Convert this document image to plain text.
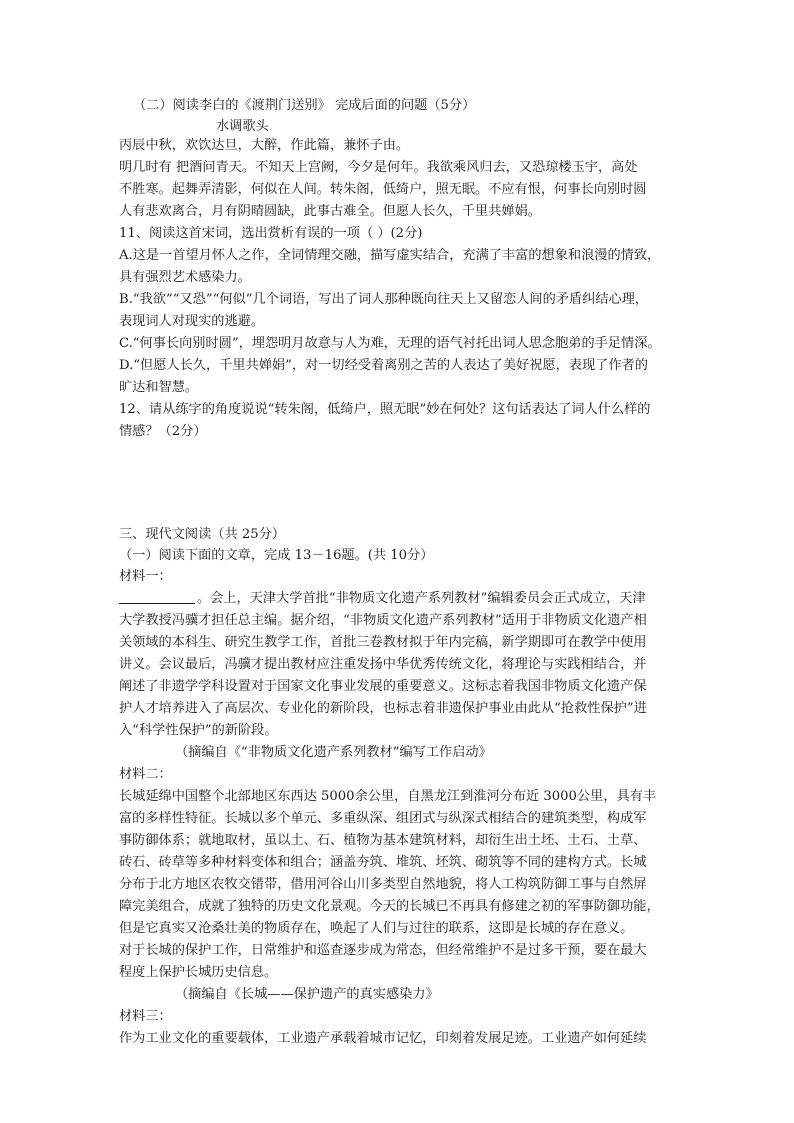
（二）阅读李白的《渡荆门送别》 完成后面的问题（5分）
水调歌头
丙辰中秋，欢饮达旦，大醉，作此篇，兼怀子由。
明几时有 把酒问青天。不知天上宫阙，今夕是何年。我欲乘风归去，又恐琼楼玉宇，高处
不胜寒。起舞弄清影，何似在人间。转朱阁，低绮户，照无眠。不应有恨，何事长向别时圆
人有悲欢离合，月有阴晴圆缺，此事古难全。但愿人长久，千里共婵娟。
11、阅读这首宋词，选出赏析有误的一项（ ）(2分)
A.这是一首望月怀人之作，全词情理交融，描写虚实结合，充满了丰富的想象和浪漫的情致，
具有强烈艺术感染力。
B.“我欲”“又恐”“何似”几个词语，写出了词人那种既向往天上又留恋人间的矛盾纠结心理，
表现词人对现实的逃避。
C.“何事长向别时圆”，埋怨明月故意与人为难，无理的语气衬托出词人思念胞弟的手足情深。
D.“但愿人长久，千里共婵娟”，对一切经受着离别之苦的人表达了美好祝愿，表现了作者的
旷达和智慧。
12、请从练字的角度说说“转朱阁，低绮户，照无眠”妙在何处？这句话表达了词人什么样的
情感？（2分）
三、现代文阅读（共 25分）
（一）阅读下面的文章，完成 13－16题。(共 10分）
材料一：
。会上，天津大学首批“非物质文化遗产系列教材”编辑委员会正式成立，天津
大学教授冯骥才担任总主编。据介绍，“非物质文化遗产系列教材”适用于非物质文化遗产相
关领域的本科生、研究生教学工作，首批三卷教材拟于年内完稿，新学期即可在教学中使用
讲义。会议最后，冯骥才提出教材应注重发扬中华优秀传统文化，将理论与实践相结合，并
阐述了非遗学学科设置对于国家文化事业发展的重要意义。这标志着我国非物质文化遗产保
护人才培养进入了高层次、专业化的新阶段，也标志着非遗保护事业由此从“抢救性保护”进
入“科学性保护”的新阶段。
（摘编自《“非物质文化遗产系列教材”编写工作启动》
材料二：
长城延绵中国整个北部地区东西达 5000余公里，自黑龙江到淮河分布近 3000公里，具有丰
富的多样性特征。长城以多个单元、多重纵深、组团式与纵深式相结合的建筑类型，构成军
事防御体系；就地取材，虽以土、石、植物为基本建筑材料，却衍生出土坯、土石、土草、
砖石、砖草等多种材料变体和组合；涵盖夯筑、堆筑、坯筑、砌筑等不同的建构方式。长城
分布于北方地区农牧交错带，借用河谷山川多类型自然地貌，将人工构筑防御工事与自然屏
障完美组合，成就了独特的历史文化景观。今天的长城已不再具有修建之初的军事防御功能，
但是它真实又沧桑壮美的物质存在，唤起了人们与过往的联系，这即是长城的存在意义。
对于长城的保护工作，日常维护和巡查逐步成为常态，但经常维护不是过多干预，要在最大
程度上保护长城历史信息。
（摘编自《长城——保护遗产的真实感染力》
材料三：
作为工业文化的重要载体，工业遗产承载着城市记忆，印刻着发展足迹。工业遗产如何延续
